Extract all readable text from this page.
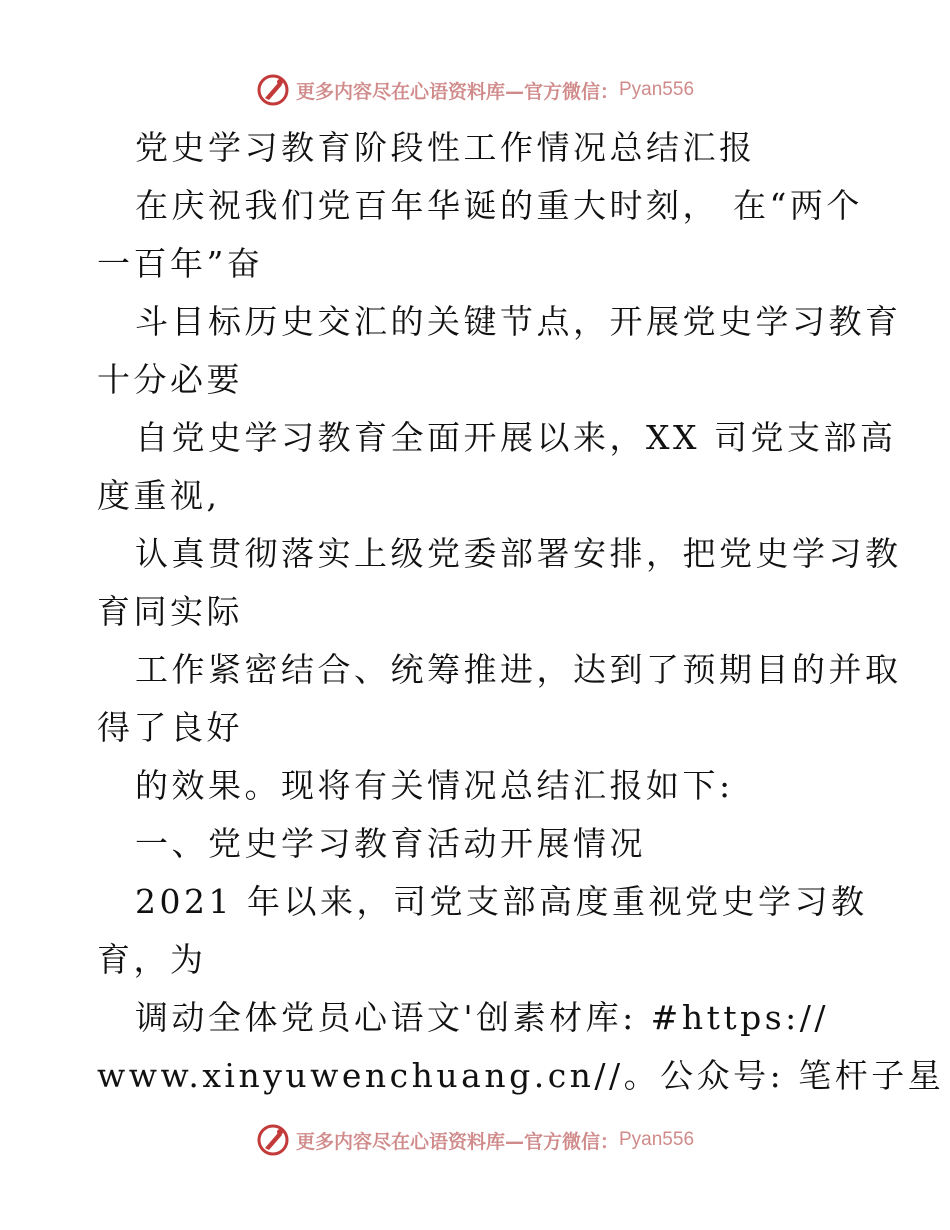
更多内容尽在心语资料库—官方微信： Pyan556
党史学习教育阶段性工作情况总结汇报
在庆祝我们党百年华诞的重大时刻， 在“两个
一百年”奋
斗目标历史交汇的关键节点，开展党史学习教育
十分必要
自党史学习教育全面开展以来，XX 司党支部高
度重视,
认真贯彻落实上级党委部署安排，把党史学习教
育同实际
工作紧密结合、统筹推进，达到了预期目的并取
得了良好
的效果。现将有关情况总结汇报如下:
一、党史学习教育活动开展情况
2021 年以来，司党支部高度重视党史学习教
育，为
调动全体党员心语文'创素材库: #https://
www.xinyuwenchuang.cn//。公众号: 笔杆子星
更多内容尽在心语资料库—官方微信： Pyan556
